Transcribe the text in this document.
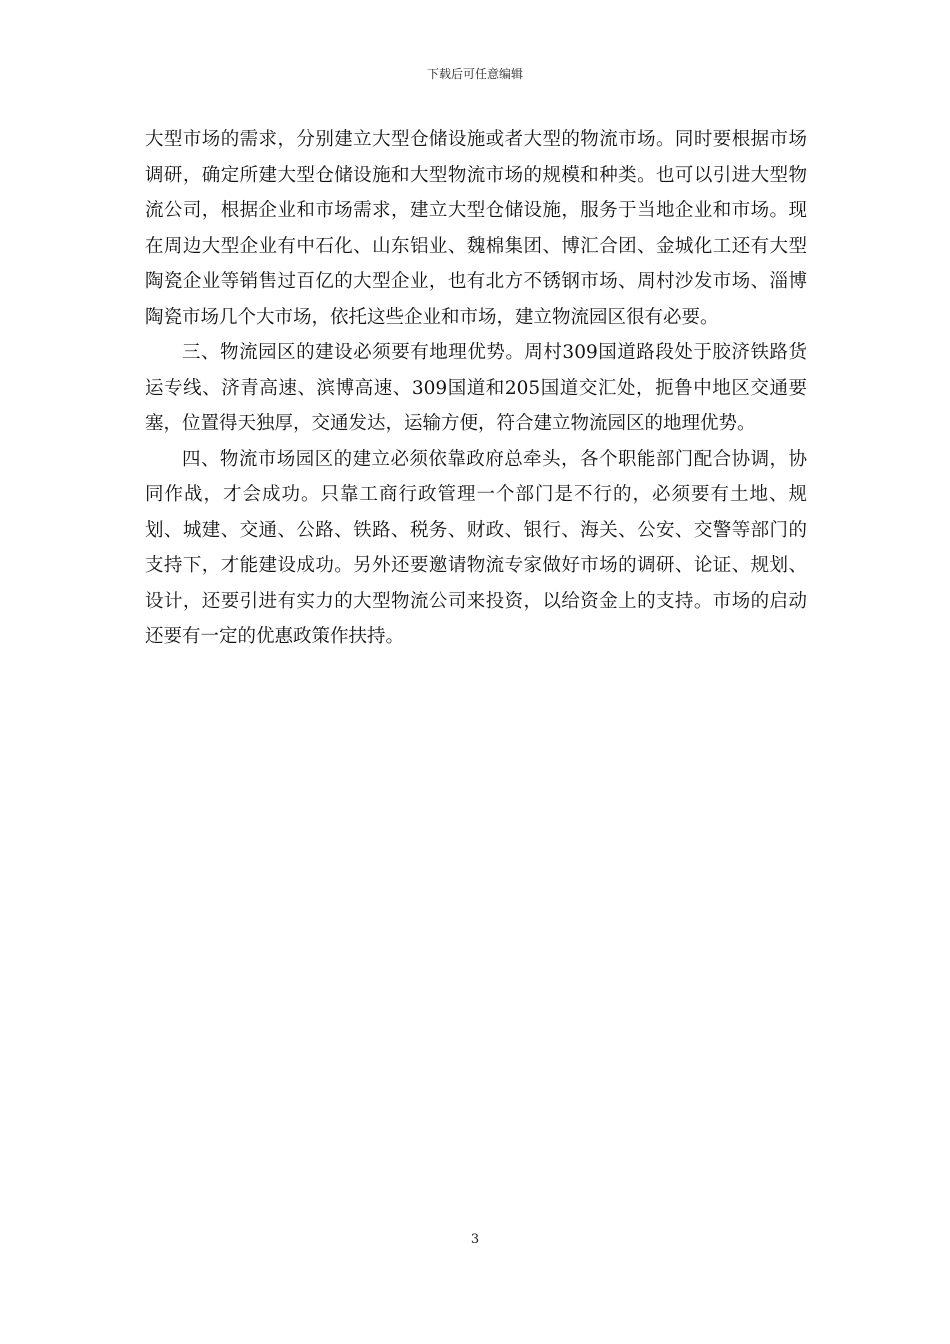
下载后可任意编辑

大型市场的需求，分别建立大型仓储设施或者大型的物流市场。同时要根据市场调研，确定所建大型仓储设施和大型物流市场的规模和种类。也可以引进大型物流公司，根据企业和市场需求，建立大型仓储设施，服务于当地企业和市场。现在周边大型企业有中石化、山东铝业、魏棉集团、博汇合团、金城化工还有大型陶瓷企业等销售过百亿的大型企业，也有北方不锈钢市场、周村沙发市场、淄博陶瓷市场几个大市场，依托这些企业和市场，建立物流园区很有必要。

三、物流园区的建设必须要有地理优势。周村309国道路段处于胶济铁路货运专线、济青高速、滨博高速、309国道和205国道交汇处，扼鲁中地区交通要塞，位置得天独厚，交通发达，运输方便，符合建立物流园区的地理优势。

四、物流市场园区的建立必须依靠政府总牵头，各个职能部门配合协调，协同作战，才会成功。只靠工商行政管理一个部门是不行的，必须要有土地、规划、城建、交通、公路、铁路、税务、财政、银行、海关、公安、交警等部门的支持下，才能建设成功。另外还要邀请物流专家做好市场的调研、论证、规划、设计，还要引进有实力的大型物流公司来投资，以给资金上的支持。市场的启动还要有一定的优惠政策作扶持。

3
